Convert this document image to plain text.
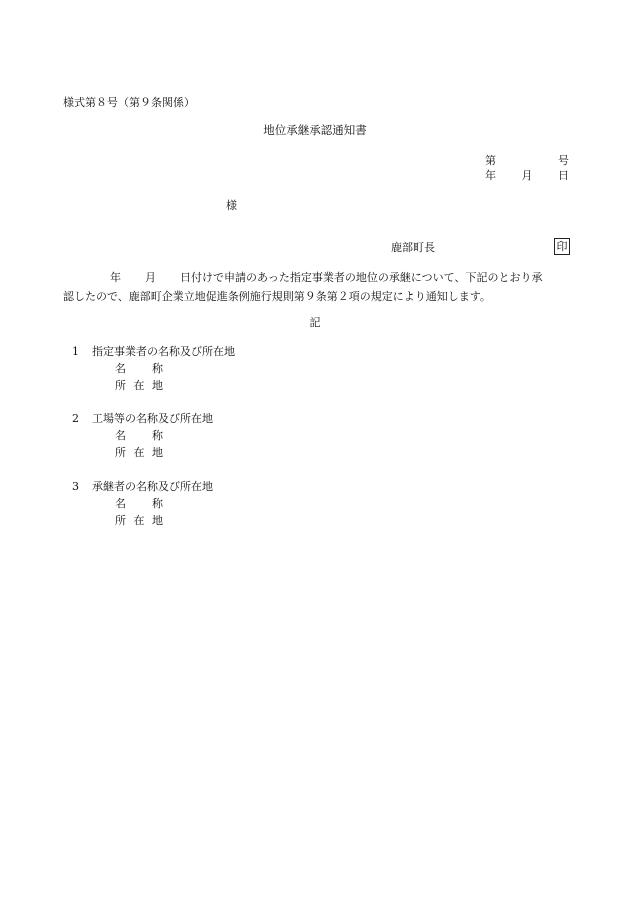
様式第８号（第９条関係）
地位承継承認通知書
第	号
年 月 日
様
鹿部町長	印
年 月 日付けで申請のあった指定事業者の地位の承継について、下記のとおり承
認したので、鹿部町企業立地促進条例施行規則第９条第２項の規定により通知します。
記
1 指定事業者の名称及び所在地
名 称
所 在 地
2 工場等の名称及び所在地
名 称
所 在 地
3 承継者の名称及び所在地
名 称
所 在 地
